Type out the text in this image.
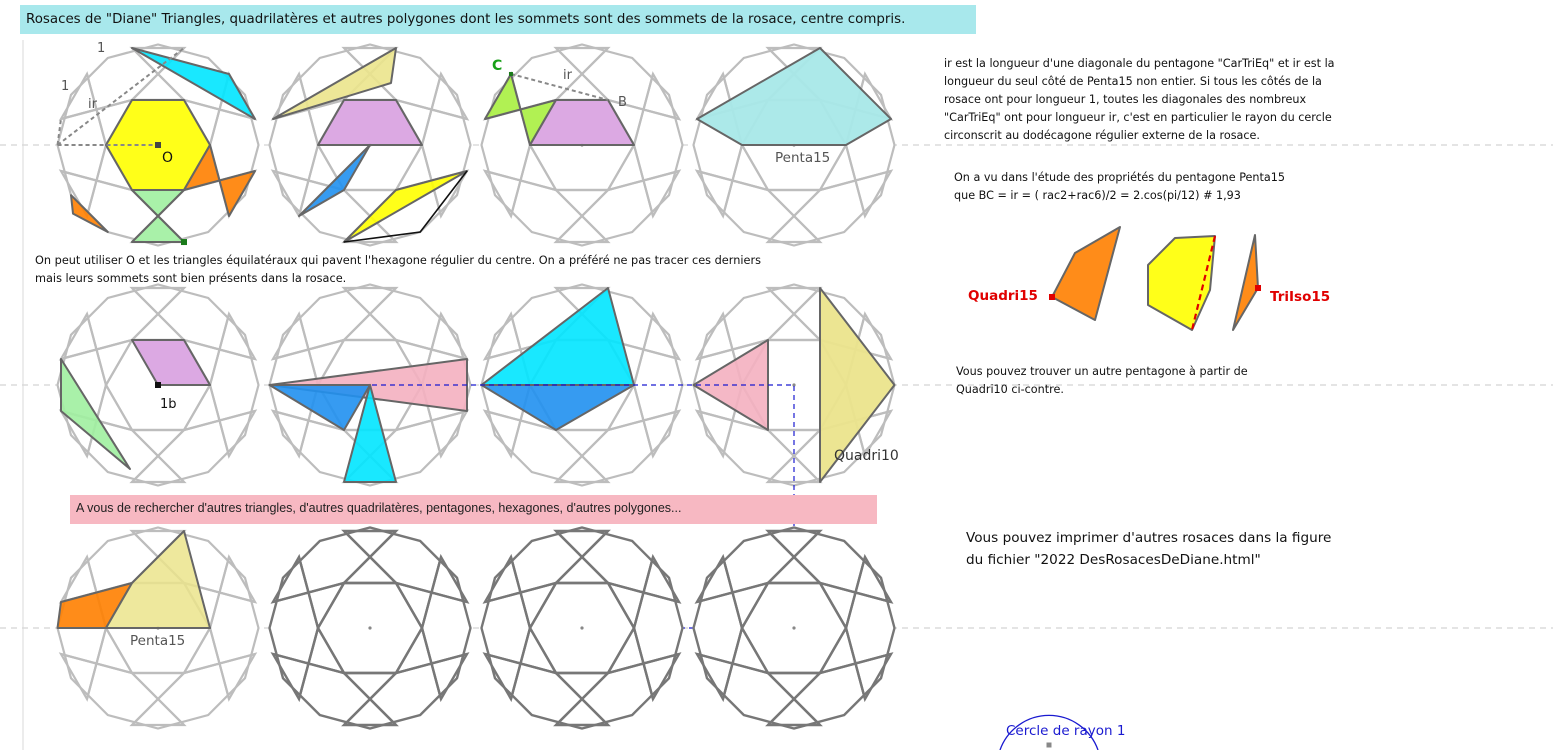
Rosaces de "Diane" Triangles, quadrilatères et autres polygones dont les sommets sont des sommets de la rosace, centre compris.
ir est la longueur d'une diagonale du pentagone "CarTriEq" et ir est la
longueur du seul côté de Penta15 non entier. Si tous les côtés de la
rosace ont pour longueur 1, toutes les diagonales des nombreux
"CarTriEq" ont pour longueur ir, c'est en particulier le rayon du cercle
circonscrit au dodécagone régulier externe de la rosace.
On a vu dans l'étude des propriétés du pentagone Penta15
que BC = ir = ( rac2+rac6)/2 = 2.cos(pi/12) # 1,93
Vous pouvez trouver un autre pentagone à partir de
Quadri10 ci-contre.
On peut utiliser O et les triangles équilatéraux qui pavent l'hexagone régulier du centre. On a préféré ne pas tracer ces derniers
mais leurs sommets sont bien présents dans la rosace.
A vous de rechercher d'autres triangles, d'autres quadrilatères, pentagones, hexagones, d'autres polygones...
Vous pouvez imprimer d'autres rosaces dans la figure
du fichier "2022 DesRosacesDeDiane.html"
1
1
ir
O
C
ir
B
Penta15
1b
Quadri10
Penta15
Quadri15	TriIso15
Cercle de rayon 1
